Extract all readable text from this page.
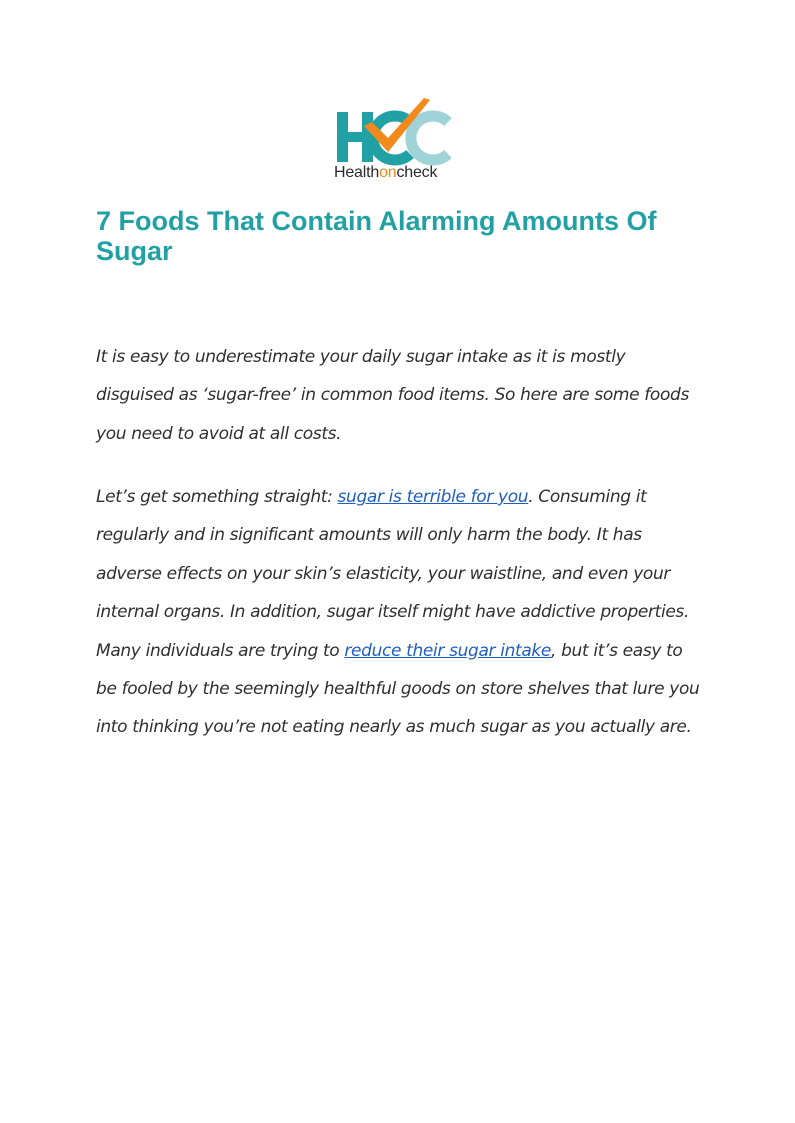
Healthoncheck
7 Foods That Contain Alarming Amounts Of Sugar

It is easy to underestimate your daily sugar intake as it is mostly disguised as ‘sugar-free’ in common food items. So here are some foods you need to avoid at all costs.

Let’s get something straight: sugar is terrible for you. Consuming it regularly and in significant amounts will only harm the body. It has adverse effects on your skin’s elasticity, your waistline, and even your internal organs. In addition, sugar itself might have addictive properties. Many individuals are trying to reduce their sugar intake, but it’s easy to be fooled by the seemingly healthful goods on store shelves that lure you into thinking you’re not eating nearly as much sugar as you actually are.
